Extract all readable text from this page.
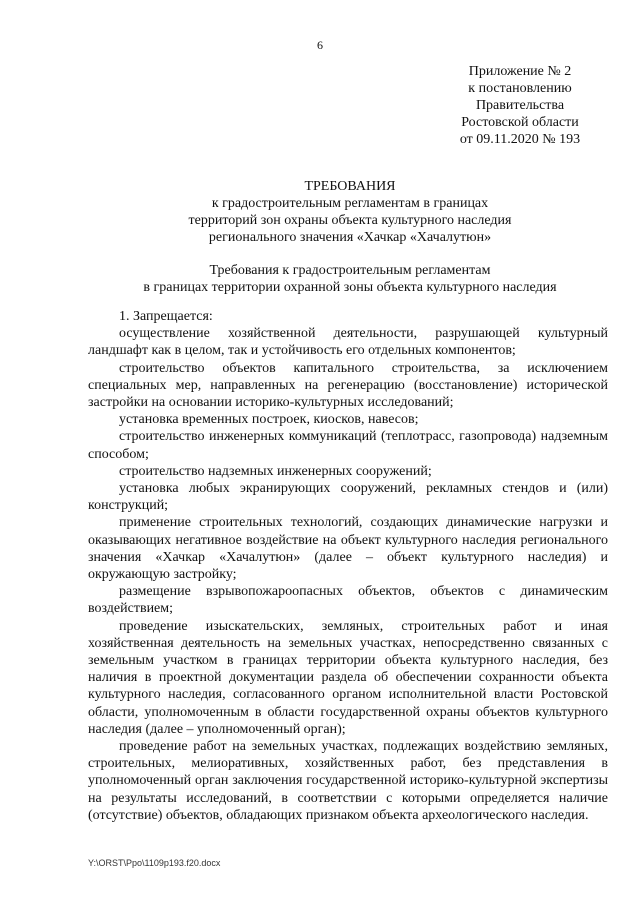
6
Приложение № 2
к постановлению
Правительства
Ростовской области
от 09.11.2020 № 193
ТРЕБОВАНИЯ
к градостроительным регламентам в границах
территорий зон охраны объекта культурного наследия
регионального значения «Хачкар «Хачалутюн»
Требования к градостроительным регламентам
в границах территории охранной зоны объекта культурного наследия

1. Запрещается:

осуществление хозяйственной деятельности, разрушающей культурный ландшафт как в целом, так и устойчивость его отдельных компонентов;

строительство объектов капитального строительства, за исключением специальных мер, направленных на регенерацию (восстановление) исторической застройки на основании историко-культурных исследований;

установка временных построек, киосков, навесов;

строительство инженерных коммуникаций (теплотрасс, газопровода) надземным способом;

строительство надземных инженерных сооружений;

установка любых экранирующих сооружений, рекламных стендов и (или) конструкций;

применение строительных технологий, создающих динамические нагрузки и оказывающих негативное воздействие на объект культурного наследия регионального значения «Хачкар «Хачалутюн» (далее – объект культурного наследия) и окружающую застройку;

размещение взрывопожароопасных объектов, объектов с динамическим воздействием;

проведение изыскательских, земляных, строительных работ и иная хозяйственная деятельность на земельных участках, непосредственно связанных с земельным участком в границах территории объекта культурного наследия, без наличия в проектной документации раздела об обеспечении сохранности объекта культурного наследия, согласованного органом исполнительной власти Ростовской области, уполномоченным в области государственной охраны объектов культурного наследия (далее – уполномоченный орган);

проведение работ на земельных участках, подлежащих воздействию земляных, строительных, мелиоративных, хозяйственных работ, без представления в уполномоченный орган заключения государственной историко-культурной экспертизы на результаты исследований, в соответствии с которыми определяется наличие (отсутствие) объектов, обладающих признаком объекта археологического наследия.

Y:\ORST\Ppo\1109p193.f20.docx
